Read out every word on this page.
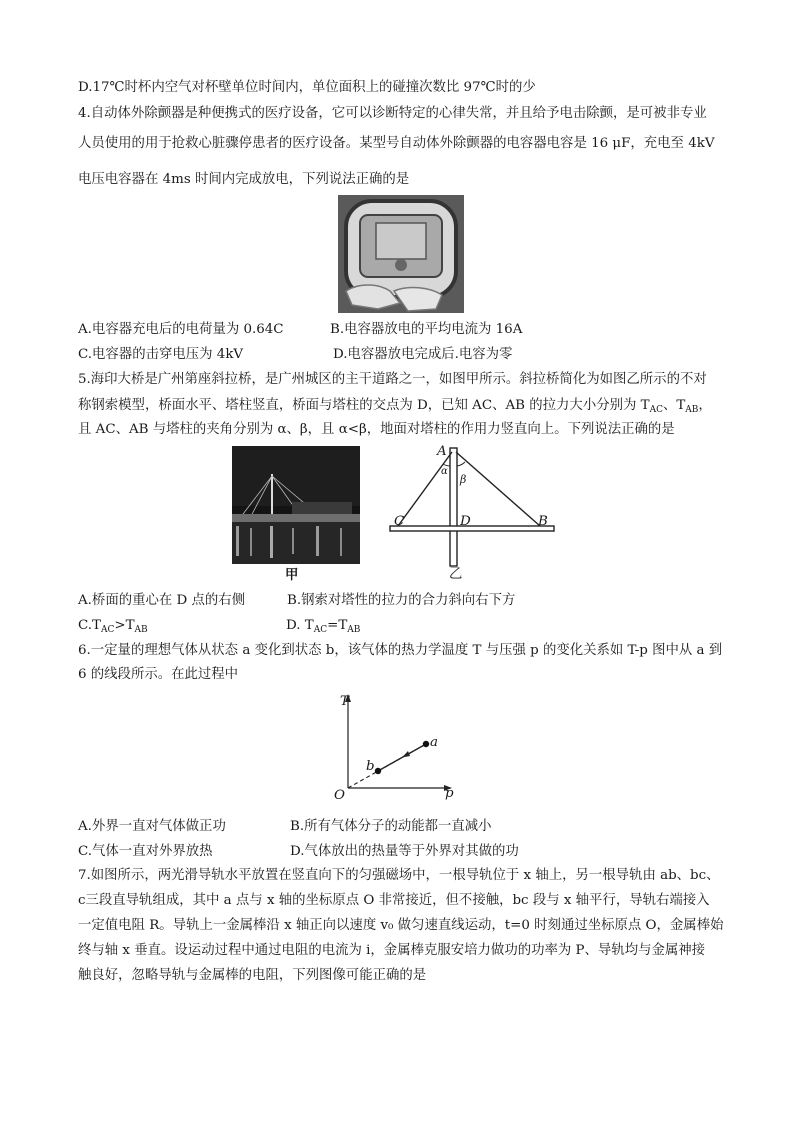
D.17℃时杯内空气对杯壁单位时间内，单位面积上的碰撞次数比 97℃时的少
4.自动体外除颤器是种便携式的医疗设备，它可以诊断特定的心律失常，并且给予电击除颤，是可被非专业
人员使用的用于抢救心脏骤停患者的医疗设备。某型号自动体外除颤器的电容器电容是 16 μF，充电至 4kV
电压电容器在 4ms 时间内完成放电，下列说法正确的是
A.电容器充电后的电荷量为 0.64C	B.电容器放电的平均电流为 16A
C.电容器的击穿电压为 4kV	D.电容器放电完成后.电容为零
5.海印大桥是广州第座斜拉桥，是广州城区的主干道路之一，如图甲所示。斜拉桥简化为如图乙所示的不对
称钢索模型，桥面水平、塔柱竖直，桥面与塔柱的交点为 D，已知 AC、AB 的拉力大小分别为 $T_{AC}$、$T_{AB}$，
且 AC、AB 与塔柱的夹角分别为 α、β，且 α<β，地面对塔柱的作用力竖直向上。下列说法正确的是
甲
A
α
β
C	D	B
乙
A.桥面的重心在 D 点的右侧	B.钢索对塔性的拉力的合力斜向右下方
$C.T_{AC}>T_{AB}$	D. $T_{AC}=T_{AB}$
6.一定量的理想气体从状态 a 变化到状态 b，该气体的热力学温度 T 与压强 p 的变化关系如 T-p 图中从 a 到
6 的线段所示。在此过程中
T
p
O
a
b
A.外界一直对气体做正功	B.所有气体分子的动能都一直减小
C.气体一直对外界放热	D.气体放出的热量等于外界对其做的功
7.如图所示，两光滑导轨水平放置在竖直向下的匀强磁场中，一根导轨位于 x 轴上，另一根导轨由 ab、bc、
c三段直导轨组成，其中 a 点与 x 轴的坐标原点 O 非常接近，但不接触，bc 段与 x 轴平行，导轨右端接入
一定值电阻 R。导轨上一金属棒沿 x 轴正向以速度 v₀ 做匀速直线运动，t=0 时刻通过坐标原点 O，金属棒始
终与轴 x 垂直。设运动过程中通过电阻的电流为 i，金属棒克服安培力做功的功率为 P、导轨均与金属神接
触良好，忽略导轨与金属棒的电阻，下列图像可能正确的是
